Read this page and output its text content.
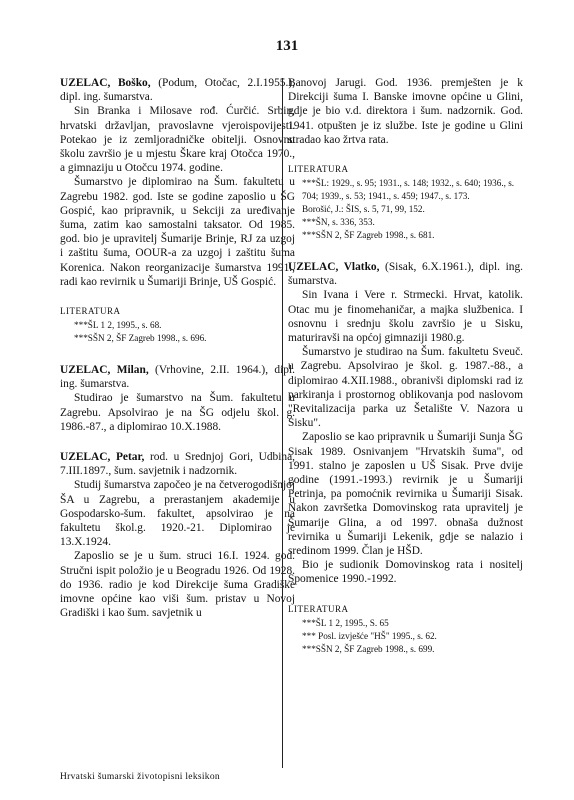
131

UZELAC, Boško, (Podum, Otočac, 2.I.1955.), dipl. ing. šumarstva.

Sin Branka i Milosave rođ. Ćurčić. Srbin, hrvatski državljan, pravoslavne vjeroispovijesti. Potekao je iz zemljoradničke obitelji. Osnovnu školu završio je u mjestu Škare kraj Otočca 1970., a gimnaziju u Otočcu 1974. godine.

Šumarstvo je diplomirao na Šum. fakultetu u Zagrebu 1982. god. Iste se godine zaposlio u ŠG Gospić, kao pripravnik, u Sekciji za uređivanje šuma, zatim kao samostalni taksator. Od 1985. god. bio je upravitelj Šumarije Brinje, RJ za uzgoj i zaštitu šuma, OOUR-a za uzgoj i zaštitu šuma Korenica. Nakon reorganizacije šumarstva 1991., radi kao revirnik u Šumariji Brinje, UŠ Gospić.

LITERATURA
***ŠL 1 2, 1995., s. 68.
***SŠN 2, ŠF Zagreb 1998., s. 696.

UZELAC, Milan, (Vrhovine, 2.II. 1964.), dipl. ing. šumarstva.

Studirao je šumarstvo na Šum. fakultetu u Zagrebu. Apsolvirao je na ŠG odjelu škol. g. 1986.-87., a diplomirao 10.X.1988.

UZELAC, Petar, rod. u Srednjoj Gori, Udbina, 7.III.1897., šum. savjetnik i nadzornik.

Studij šumarstva započeo je na četverogodišnjoj ŠA u Zagrebu, a prerastanjem akademije u Gospodarsko-šum. fakultet, apsolvirao je na fakultetu škol.g. 1920.-21. Diplomirao je 13.X.1924.

Zaposlio se je u šum. struci 16.I. 1924. god. Stručni ispit položio je u Beogradu 1926. Od 1928. do 1936. radio je kod Direkcije šuma Gradiške imovne općine kao viši šum. pristav u Novoj Gradiški i kao šum. savjetnik u

Banovoj Jarugi. God. 1936. premješten je k Direkciji šuma I. Banske imovne općine u Glini, gdje je bio v.d. direktora i šum. nadzornik. God. 1941. otpušten je iz službe. Iste je godine u Glini stradao kao žrtva rata.

LITERATURA
***ŠL: 1929., s. 95; 1931., s. 148; 1932., s. 640; 1936., s. 704; 1939., s. 53; 1941., s. 459; 1947., s. 173.
Borošić, J.: ŠIS, s. 5, 71, 99, 152.
***ŠN, s. 336, 353.
***SŠN 2, ŠF Zagreb 1998., s. 681.

UZELAC, Vlatko, (Sisak, 6.X.1961.), dipl. ing. šumarstva.

Sin Ivana i Vere r. Strmecki. Hrvat, katolik. Otac mu je finomehaničar, a majka službenica. I osnovnu i srednju školu završio je u Sisku, maturiravši na općoj gimnaziji 1980.g.

Šumarstvo je studirao na Šum. fakultetu Sveuč. u Zagrebu. Apsolvirao je škol. g. 1987.-88., a diplomirao 4.XII.1988., obranivši diplomski rad iz parkiranja i prostornog oblikovanja pod naslovom "Revitalizacija parka uz Šetalište V. Nazora u Sisku".

Zaposlio se kao pripravnik u Šumariji Sunja ŠG Sisak 1989. Osnivanjem "Hrvatskih šuma", od 1991. stalno je zaposlen u UŠ Sisak. Prve dvije godine (1991.-1993.) revirnik je u Šumariji Petrinja, pa pomoćnik revirnika u Šumariji Sisak. Nakon završetka Domovinskog rata upravitelj je Šumarije Glina, a od 1997. obnaša dužnost revirnika u Šumariji Lekenik, gdje se nalazio i sredinom 1999. Član je HŠD.

Bio je sudionik Domovinskog rata i nositelj Spomenice 1990.-1992.

LITERATURA
***ŠL 1 2, 1995., S. 65
*** Posl. izvješće "HŠ" 1995., s. 62.
***SŠN 2, ŠF Zagreb 1998., s. 699.
Hrvatski šumarski životopisni leksikon
